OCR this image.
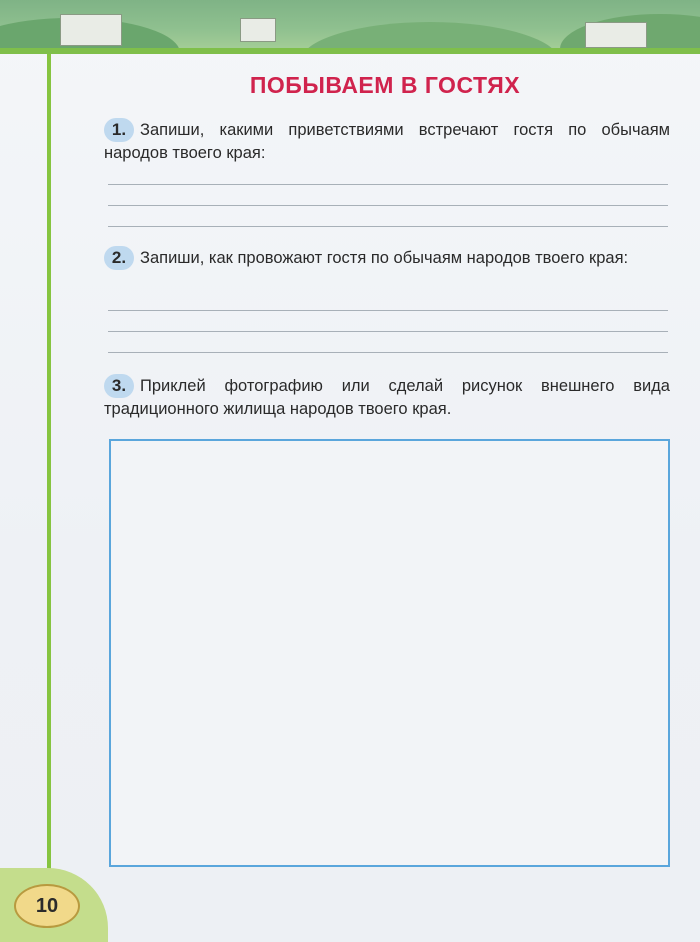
ПОБЫВАЕМ В ГОСТЯХ
1. Запиши, какими приветствиями встречают гостя по обычаям народов твоего края:
2. Запиши, как провожают гостя по обычаям народов твоего края:
3. Приклей фотографию или сделай рисунок внешнего вида традиционного жилища народов твоего края.
10
